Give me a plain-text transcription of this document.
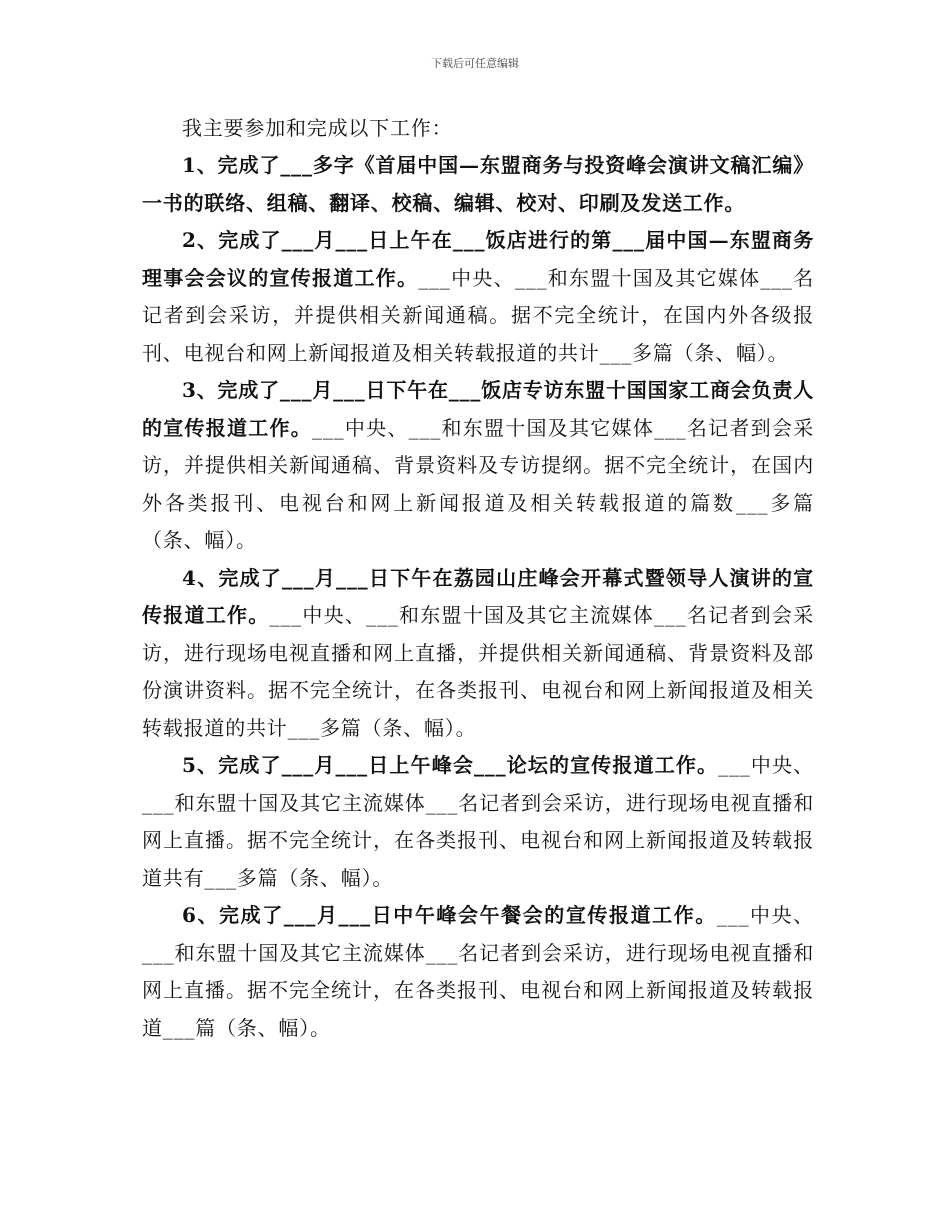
下载后可任意编辑

我主要参加和完成以下工作：

1、完成了___多字《首届中国—东盟商务与投资峰会演讲文稿汇编》一书的联络、组稿、翻译、校稿、编辑、校对、印刷及发送工作。

2、完成了___月___日上午在___饭店进行的第___届中国—东盟商务理事会会议的宣传报道工作。___中央、___和东盟十国及其它媒体___名记者到会采访，并提供相关新闻通稿。据不完全统计，在国内外各级报刊、电视台和网上新闻报道及相关转载报道的共计___多篇（条、幅）。

3、完成了___月___日下午在___饭店专访东盟十国国家工商会负责人的宣传报道工作。___中央、___和东盟十国及其它媒体___名记者到会采访，并提供相关新闻通稿、背景资料及专访提纲。据不完全统计，在国内外各类报刊、电视台和网上新闻报道及相关转载报道的篇数___多篇（条、幅）。

4、完成了___月___日下午在荔园山庄峰会开幕式暨领导人演讲的宣传报道工作。___中央、___和东盟十国及其它主流媒体___名记者到会采访，进行现场电视直播和网上直播，并提供相关新闻通稿、背景资料及部份演讲资料。据不完全统计，在各类报刊、电视台和网上新闻报道及相关转载报道的共计___多篇（条、幅）。

5、完成了___月___日上午峰会___论坛的宣传报道工作。___中央、___和东盟十国及其它主流媒体___名记者到会采访，进行现场电视直播和网上直播。据不完全统计，在各类报刊、电视台和网上新闻报道及转载报道共有___多篇（条、幅）。

6、完成了___月___日中午峰会午餐会的宣传报道工作。___中央、___和东盟十国及其它主流媒体___名记者到会采访，进行现场电视直播和网上直播。据不完全统计，在各类报刊、电视台和网上新闻报道及转载报道___篇（条、幅）。
